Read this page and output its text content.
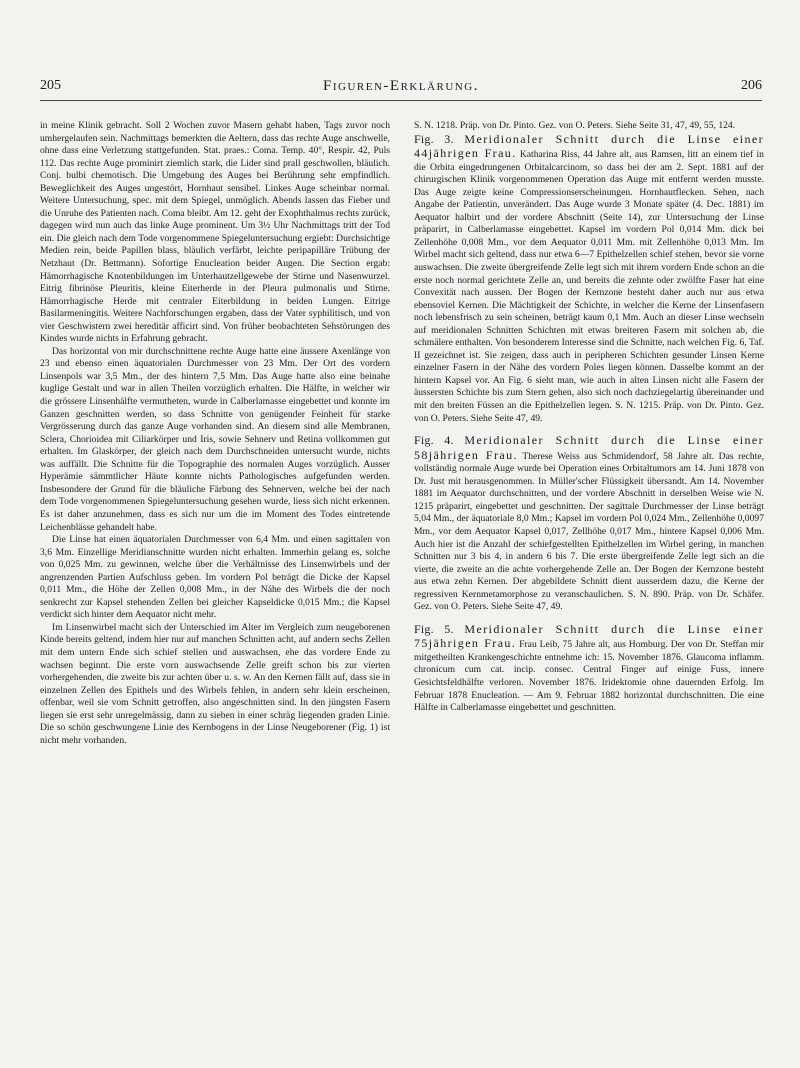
205	Figuren-Erklärung.	206

in meine Klinik gebracht. Soll 2 Wochen zuvor Masern gehabt haben, Tags zuvor noch umhergelaufen sein. Nachmittags bemerkten die Aeltern, dass das rechte Auge anschwelle, ohne dass eine Verletzung stattgefunden. Stat. praes.: Coma. Temp. 40°, Respir. 42, Puls 112. Das rechte Auge prominirt ziemlich stark, die Lider sind prall geschwollen, bläulich. Conj. bulbi chemotisch. Die Umgebung des Auges bei Berührung sehr empfindlich. Beweglichkeit des Auges ungestört, Hornhaut sensibel. Linkes Auge scheinbar normal. Weitere Untersuchung, spec. mit dem Spiegel, unmöglich. Abends lassen das Fieber und die Unruhe des Patienten nach. Coma bleibt. Am 12. geht der Exophthalmus rechts zurück, dagegen wird nun auch das linke Auge prominent. Um 3½ Uhr Nachmittags tritt der Tod ein. Die gleich nach dem Tode vorgenommene Spiegeluntersuchung ergiebt: Durchsichtige Medien rein, beide Papillen blass, bläulich verfärbt, leichte peripapilläre Trübung der Netzhaut (Dr. Bettmann). Sofortige Enucleation beider Augen. Die Section ergab: Hämorrhagische Knotenbildungen im Unterhautzellgewebe der Stirne und Nasenwurzel. Eitrig fibrinöse Pleuritis, kleine Eiterherde in der Pleura pulmonalis und Stirne. Hämorrhagische Herde mit centraler Eiterbildung in beiden Lungen. Eitrige Basilarmeningitis. Weitere Nachforschungen ergaben, dass der Vater syphilitisch, und von vier Geschwistern zwei hereditär afficirt sind. Von früher beobachteten Sehstörungen des Kindes wurde nichts in Erfahrung gebracht.

Das horizontal von mir durchschnittene rechte Auge hatte eine äussere Axenlänge von 23 und ebenso einen äquatorialen Durchmesser von 23 Mm. Der Ort des vordern Linsenpols war 3,5 Mm., der des hintern 7,5 Mm. Das Auge hatte also eine beinahe kuglige Gestalt und war in allen Theilen vorzüglich erhalten. Die Hälfte, in welcher wir die grössere Linsenhälfte vermutheten, wurde in Calberlamasse eingebettet und konnte im Ganzen geschnitten werden, so dass Schnitte von genügender Feinheit für starke Vergrösserung durch das ganze Auge vorhanden sind. An diesem sind alle Membranen, Sclera, Chorioidea mit Ciliarkörper und Iris, sowie Sehnerv und Retina vollkommen gut erhalten. Im Glaskörper, der gleich nach dem Durchschneiden untersucht wurde, nichts was auffällt. Die Schnitte für die Topographie des normalen Auges vorzüglich. Ausser Hyperämie sämmtlicher Häute konnte nichts Pathologisches aufgefunden werden. Insbesondere der Grund für die bläuliche Färbung des Sehnerven, welche bei der nach dem Tode vorgenommenen Spiegeluntersuchung gesehen wurde, liess sich nicht erkennen. Es ist daher anzunehmen, dass es sich nur um die im Moment des Todes eintretende Leichenblässe gehandelt habe.

Die Linse hat einen äquatorialen Durchmesser von 6,4 Mm. und einen sagittalen von 3,6 Mm. Einzellige Meridianschnitte wurden nicht erhalten. Immerhin gelang es, solche von 0,025 Mm. zu gewinnen, welche über die Verhältnisse des Linsenwirbels und der angrenzenden Partien Aufschluss geben. Im vordern Pol beträgt die Dicke der Kapsel 0,011 Mm., die Höhe der Zellen 0,008 Mm., in der Nähe des Wirbels die der noch senkrecht zur Kapsel stehenden Zellen bei gleicher Kapseldicke 0,015 Mm.; die Kapsel verdickt sich hinter dem Aequator nicht mehr.

Im Linsenwirbel macht sich der Unterschied im Alter im Vergleich zum neugeborenen Kinde bereits geltend, indem hier nur auf manchen Schnitten acht, auf andern sechs Zellen mit dem untern Ende sich schief stellen und auswachsen, ehe das vordere Ende zu wachsen beginnt. Die erste vorn auswachsende Zelle greift schon bis zur vierten vorhergehenden, die zweite bis zur achten über u. s. w. An den Kernen fällt auf, dass sie in einzelnen Zellen des Epithels und des Wirbels fehlen, in andern sehr klein erscheinen, offenbar, weil sie vom Schnitt getroffen, also angeschnitten sind. In den jüngsten Fasern liegen sie erst sehr unregelmässig, dann zu sieben in einer schräg liegenden graden Linie. Die so schön geschwungene Linie des Kernbogens in der Linse Neugeborener (Fig. 1) ist nicht mehr vorhanden.

S. N. 1218. Präp. von Dr. Pinto. Gez. von O. Peters. Siehe Seite 31, 47, 49, 55, 124.

Fig. 3. Meridionaler Schnitt durch die Linse einer 44jährigen Frau. Katharina Riss, 44 Jahre alt, aus Ramsen, litt an einem tief in die Orbita eingedrungenen Orbitalcarcinom, so dass bei der am 2. Sept. 1881 auf der chirurgischen Klinik vorgenommenen Operation das Auge mit entfernt werden musste. Das Auge zeigte keine Compressionserscheinungen. Hornhautflecken. Sehen, nach Angabe der Patientin, unverändert. Das Auge wurde 3 Monate später (4. Dec. 1881) im Aequator halbirt und der vordere Abschnitt (Seite 14), zur Untersuchung der Linse präparirt, in Calberlamasse eingebettet. Kapsel im vordern Pol 0,014 Mm. dick bei Zellenhöhe 0,008 Mm., vor dem Aequator 0,011 Mm. mit Zellenhöhe 0,013 Mm. Im Wirbel macht sich geltend, dass nur etwa 6—7 Epithelzellen schief stehen, bevor sie vorne auswachsen. Die zweite übergreifende Zelle legt sich mit ihrem vordern Ende schon an die erste noch normal gerichtete Zelle an, und bereits die zehnte oder zwölfte Faser hat eine Convexität nach aussen. Der Bogen der Kernzone besteht daher auch nur aus etwa ebensoviel Kernen. Die Mächtigkeit der Schichte, in welcher die Kerne der Linsenfasern noch lebensfrisch zu sein scheinen, beträgt kaum 0,1 Mm. Auch an dieser Linse wechseln auf meridionalen Schnitten Schichten mit etwas breiteren Fasern mit solchen ab, die schmälere enthalten. Von besonderem Interesse sind die Schnitte, nach welchen Fig. 6, Taf. II gezeichnet ist. Sie zeigen, dass auch in peripheren Schichten gesunder Linsen Kerne einzelner Fasern in der Nähe des vordern Poles liegen können. Dasselbe kommt an der hintern Kapsel vor. An Fig. 6 sieht man, wie auch in alten Linsen nicht alle Fasern der äussersten Schichte bis zum Stern gehen, also sich noch dachziegelartig übereinander und mit den breiten Füssen an die Epithelzellen legen. S. N. 1215. Präp. von Dr. Pinto. Gez. von O. Peters. Siehe Seite 47, 49.

Fig. 4. Meridionaler Schnitt durch die Linse einer 58jährigen Frau. Therese Weiss aus Schmidendorf, 58 Jahre alt. Das rechte, vollständig normale Auge wurde bei Operation eines Orbitaltumors am 14. Juni 1878 von Dr. Just mit herausgenommen. In Müller'scher Flüssigkeit übersandt. Am 14. November 1881 im Aequator durchschnitten, und der vordere Abschnitt in derselben Weise wie N. 1215 präparirt, eingebettet und geschnitten. Der sagittale Durchmesser der Linse beträgt 5,04 Mm., der äquatoriale 8,0 Mm.; Kapsel im vordern Pol 0,024 Mm., Zellenhöhe 0,0097 Mm., vor dem Aequator Kapsel 0,017, Zellhöhe 0,017 Mm., hintere Kapsel 0,006 Mm. Auch hier ist die Anzahl der schiefgestellten Epithelzellen im Wirbel gering, in manchen Schnitten nur 3 bis 4, in andern 6 bis 7. Die erste übergreifende Zelle legt sich an die vierte, die zweite an die achte vorhergehende Zelle an. Der Bogen der Kernzone besteht aus etwa zehn Kernen. Der abgebildete Schnitt dient ausserdem dazu, die Kerne der regressiven Kernmetamorphose zu veranschaulichen. S. N. 890. Präp. von Dr. Schäfer. Gez. von O. Peters. Siehe Seite 47, 49.

Fig. 5. Meridionaler Schnitt durch die Linse einer 75jährigen Frau. Frau Leib, 75 Jahre alt, aus Homburg. Der von Dr. Steffan mir mitgetheilten Krankengeschichte entnehme ich: 15. November 1876. Glaucoma inflamm. chronicum cum cat. incip. consec. Central Finger auf einige Fuss, innere Gesichtsfeldhälfte verloren. November 1876. Iridektomie ohne dauernden Erfolg. Im Februar 1878 Enucleation. — Am 9. Februar 1882 horizontal durchschnitten. Die eine Hälfte in Calberlamasse eingebettet und geschnitten.
